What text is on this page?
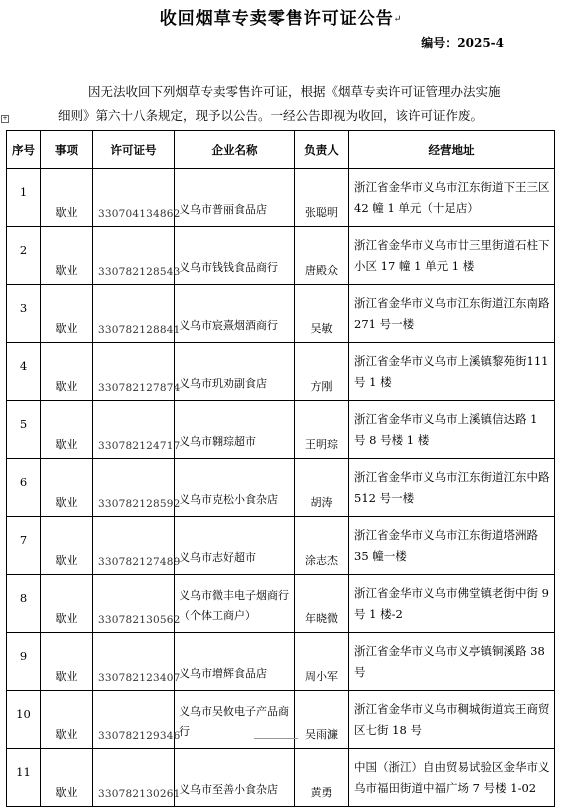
收回烟草专卖零售许可证公告↵
编号：2025-4

因无法收回下列烟草专卖零售许可证，根据《烟草专卖许可证管理办法实施

细则》第六十八条规定，现予以公告。一经公告即视为收回，该许可证作废。

+
序号	事项	许可证号	企业名称	负责人	经营地址
1	歇业	330704134862	义乌市普丽食品店	张聪明	浙江省金华市义乌市江东街道下王三区 42 幢 1 单元（十足店）
2	歇业	330782128543	义乌市钱钱食品商行	唐殿众	浙江省金华市义乌市廿三里街道石柱下小区 17 幢 1 单元 1 楼
3	歇业	330782128841	义乌市宸熹烟酒商行	吴敏	浙江省金华市义乌市江东街道江东南路 271 号一楼
4	歇业	330782127874	义乌市玑劝副食店	方刚	浙江省金华市义乌市上溪镇黎苑街111 号 1 楼
5	歇业	330782124717	义乌市翱琮超市	王明琮	浙江省金华市义乌市上溪镇信达路 1 号 8 号楼 1 楼
6	歇业	330782128592	义乌市克松小食杂店	胡涛	浙江省金华市义乌市江东街道江东中路 512 号一楼
7	歇业	330782127489	义乌市志好超市	涂志杰	浙江省金华市义乌市江东街道塔洲路35 幢一楼
8	歇业	330782130562	义乌市微丰电子烟商行（个体工商户）	年晓微	浙江省金华市义乌市佛堂镇老街中街 9号 1 楼-2
9	歇业	330782123407	义乌市增辉食品店	周小军	浙江省金华市义乌市义亭镇铜溪路 38号
10	歇业	330782129346	义乌市吴攸电子产品商行	吴雨濂	浙江省金华市义乌市稠城街道宾王商贸区七街 18 号
11	歇业	330782130261	义乌市至善小食杂店	黄勇	中国（浙江）自由贸易试验区金华市义乌市福田街道中福广场 7 号楼 1-02
